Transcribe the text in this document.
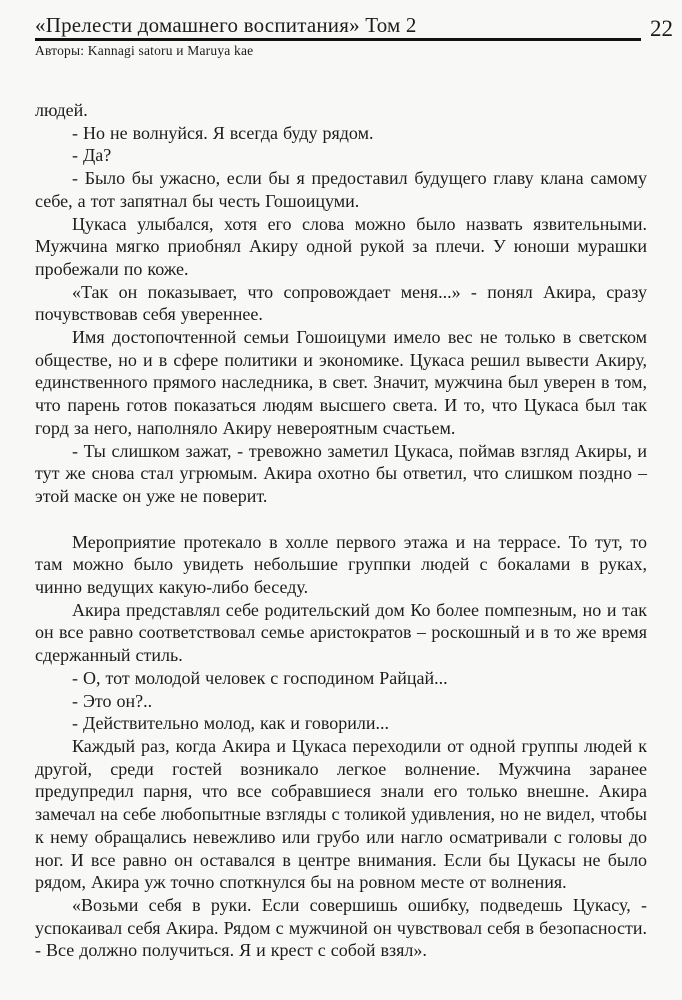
«Прелести домашнего воспитания» Том 2	22
Авторы: Kannagi satoru и Maruya kae

людей.

- Но не волнуйся. Я всегда буду рядом.

- Да?

- Было бы ужасно, если бы я предоставил будущего главу клана самому себе, а тот запятнал бы честь Гошоицуми.

Цукаса улыбался, хотя его слова можно было назвать язвительными. Мужчина мягко приобнял Акиру одной рукой за плечи. У юноши мурашки пробежали по коже.

«Так он показывает, что сопровождает меня...» - понял Акира, сразу почувствовав себя увереннее.

Имя достопочтенной семьи Гошоицуми имело вес не только в светском обществе, но и в сфере политики и экономике. Цукаса решил вывести Акиру, единственного прямого наследника, в свет. Значит, мужчина был уверен в том, что парень готов показаться людям высшего света. И то, что Цукаса был так горд за него, наполняло Акиру невероятным счастьем.

- Ты слишком зажат, - тревожно заметил Цукаса, поймав взгляд Акиры, и тут же снова стал угрюмым. Акира охотно бы ответил, что слишком поздно – этой маске он уже не поверит.

Мероприятие протекало в холле первого этажа и на террасе. То тут, то там можно было увидеть небольшие группки людей с бокалами в руках, чинно ведущих какую-либо беседу.

Акира представлял себе родительский дом Ко более помпезным, но и так он все равно соответствовал семье аристократов – роскошный и в то же время сдержанный стиль.

- О, тот молодой человек с господином Райцай...

- Это он?..

- Действительно молод, как и говорили...

Каждый раз, когда Акира и Цукаса переходили от одной группы людей к другой, среди гостей возникало легкое волнение. Мужчина заранее предупредил парня, что все собравшиеся знали его только внешне. Акира замечал на себе любопытные взгляды с толикой удивления, но не видел, чтобы к нему обращались невежливо или грубо или нагло осматривали с головы до ног. И все равно он оставался в центре внимания. Если бы Цукасы не было рядом, Акира уж точно споткнулся бы на ровном месте от волнения.

«Возьми себя в руки. Если совершишь ошибку, подведешь Цукасу, - успокаивал себя Акира. Рядом с мужчиной он чувствовал себя в безопасности. - Все должно получиться. Я и крест с собой взял».
